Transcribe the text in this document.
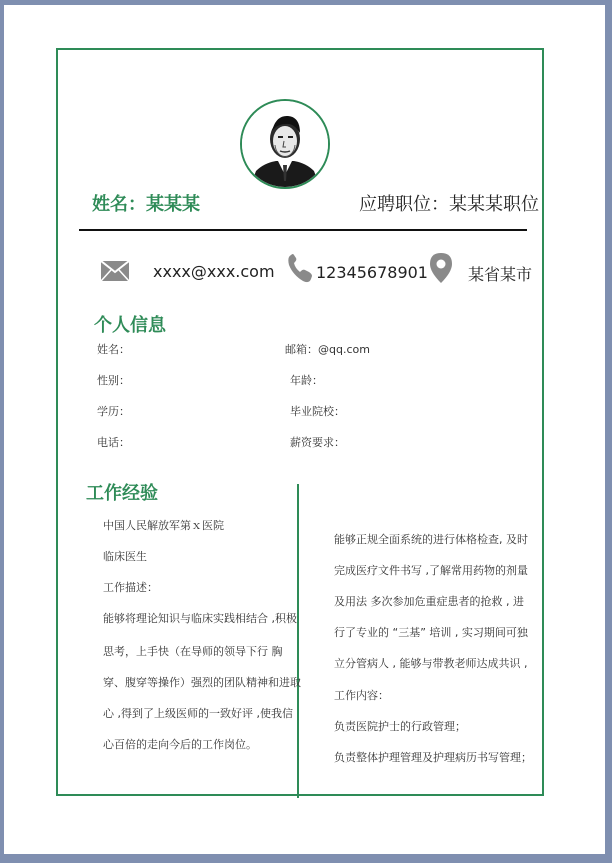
姓名：某某某	应聘职位：某某某职位
xxxx@xxx.com	12345678901	某省某市
个人信息
姓名：	邮箱：@qq.com
性别：	年龄：
学历：	毕业院校：
电话：	薪资要求：
工作经验
中国人民解放军第ｘ医院
临床医生
工作描述：
能够将理论知识与临床实践相结合 ,积极
思考，上手快（在导师的领导下行 胸
穿、腹穿等操作）强烈的团队精神和进取
心 ,得到了上级医师的一致好评 ,使我信
心百倍的走向今后的工作岗位。
能够正规全面系统的进行体格检查, 及时
完成医疗文件书写 ,了解常用药物的剂量
及用法 多次参加危重症患者的抢救 , 进
行了专业的 “三基” 培训 , 实习期间可独
立分管病人 , 能够与带教老师达成共识 ,
工作内容：
负责医院护士的行政管理；
负责整体护理管理及护理病历书写管理；
